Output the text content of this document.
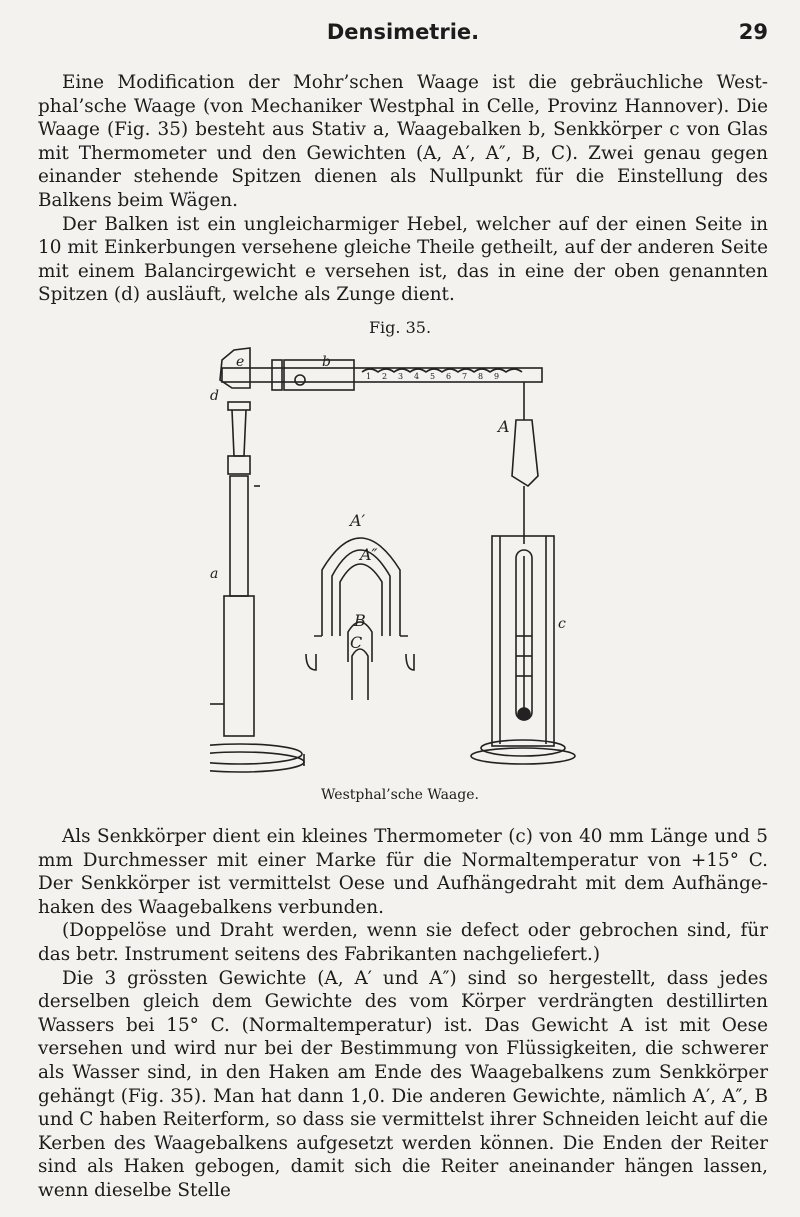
Densimetrie.	29

Eine Modification der Mohr’schen Waage ist die gebräuchliche Westphal’sche Waage (von Mechaniker Westphal in Celle, Provinz Hannover). Die Waage (Fig. 35) besteht aus Stativ a, Waagebalken b, Senkkörper c von Glas mit Thermometer und den Gewichten (A, A′, A″, B, C). Zwei genau gegen einander stehende Spitzen dienen als Nullpunkt für die Einstellung des Balkens beim Wägen.

Der Balken ist ein ungleicharmiger Hebel, welcher auf der einen Seite in 10 mit Einkerbungen versehene gleiche Theile getheilt, auf der anderen Seite mit einem Balancirgewicht e versehen ist, das in eine der oben genannten Spitzen (d) ausläuft, welche als Zunge dient.

Fig. 35.
e	b
d
a
A
A′
A″
B
C
c
1 2 3 4 5 6 7 8 9
Westphal’sche Waage.

Als Senkkörper dient ein kleines Thermometer (c) von 40 mm Länge und 5 mm Durchmesser mit einer Marke für die Normaltemperatur von +15° C. Der Senkkörper ist vermittelst Oese und Aufhängedraht mit dem Aufhängehaken des Waagebalkens verbunden.

(Doppelöse und Draht werden, wenn sie defect oder gebrochen sind, für das betr. Instrument seitens des Fabrikanten nachgeliefert.)

Die 3 grössten Gewichte (A, A′ und A″) sind so hergestellt, dass jedes derselben gleich dem Gewichte des vom Körper verdrängten destillirten Wassers bei 15° C. (Normaltemperatur) ist. Das Gewicht A ist mit Oese versehen und wird nur bei der Bestimmung von Flüssigkeiten, die schwerer als Wasser sind, in den Haken am Ende des Waagebalkens zum Senkkörper gehängt (Fig. 35). Man hat dann 1,0. Die anderen Gewichte, nämlich A′, A″, B und C haben Reiterform, so dass sie vermittelst ihrer Schneiden leicht auf die Kerben des Waagebalkens aufgesetzt werden können. Die Enden der Reiter sind als Haken gebogen, damit sich die Reiter aneinander hängen lassen, wenn dieselbe Stelle
